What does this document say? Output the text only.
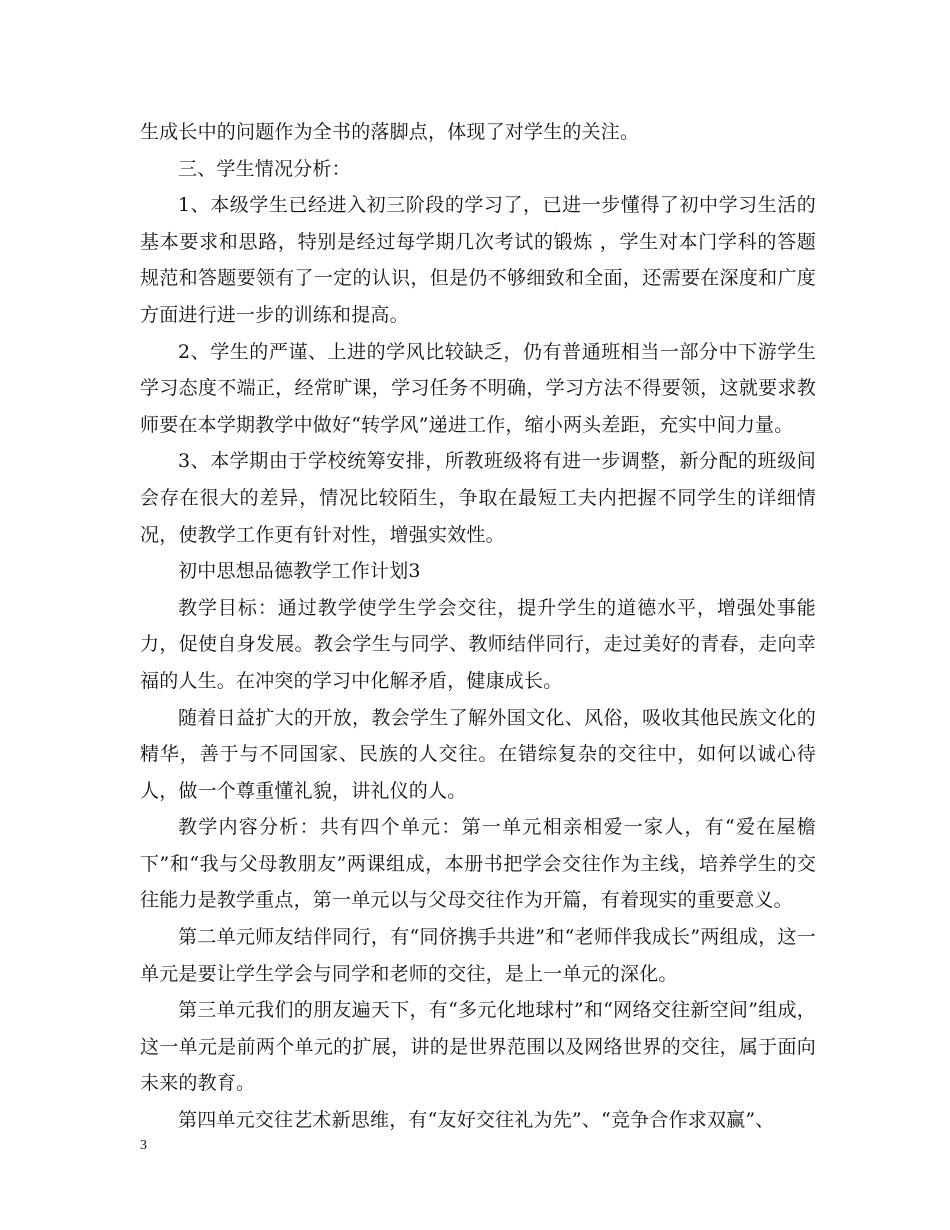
生成长中的问题作为全书的落脚点，体现了对学生的关注。

三、学生情况分析：

1、本级学生已经进入初三阶段的学习了，已进一步懂得了初中学习生活的基本要求和思路，特别是经过每学期几次考试的锻炼 ，学生对本门学科的答题规范和答题要领有了一定的认识，但是仍不够细致和全面，还需要在深度和广度方面进行进一步的训练和提高。

2、学生的严谨、上进的学风比较缺乏，仍有普通班相当一部分中下游学生学习态度不端正，经常旷课，学习任务不明确，学习方法不得要领，这就要求教师要在本学期教学中做好“转学风”递进工作，缩小两头差距，充实中间力量。

3、本学期由于学校统筹安排，所教班级将有进一步调整，新分配的班级间会存在很大的差异，情况比较陌生，争取在最短工夫内把握不同学生的详细情况，使教学工作更有针对性，增强实效性。

初中思想品德教学工作计划3

教学目标：通过教学使学生学会交往，提升学生的道德水平，增强处事能力，促使自身发展。教会学生与同学、教师结伴同行，走过美好的青春，走向幸福的人生。在冲突的学习中化解矛盾，健康成长。

随着日益扩大的开放，教会学生了解外国文化、风俗，吸收其他民族文化的精华，善于与不同国家、民族的人交往。在错综复杂的交往中，如何以诚心待人，做一个尊重懂礼貌，讲礼仪的人。

教学内容分析：共有四个单元：第一单元相亲相爱一家人，有“爱在屋檐下”和“我与父母教朋友”两课组成，本册书把学会交往作为主线，培养学生的交往能力是教学重点，第一单元以与父母交往作为开篇，有着现实的重要意义。

第二单元师友结伴同行，有“同侪携手共进”和“老师伴我成长”两组成，这一单元是要让学生学会与同学和老师的交往，是上一单元的深化。

第三单元我们的朋友遍天下，有“多元化地球村”和“网络交往新空间”组成，这一单元是前两个单元的扩展，讲的是世界范围以及网络世界的交往，属于面向未来的教育。

第四单元交往艺术新思维，有“友好交往礼为先”、“竞争合作求双赢”、

3
